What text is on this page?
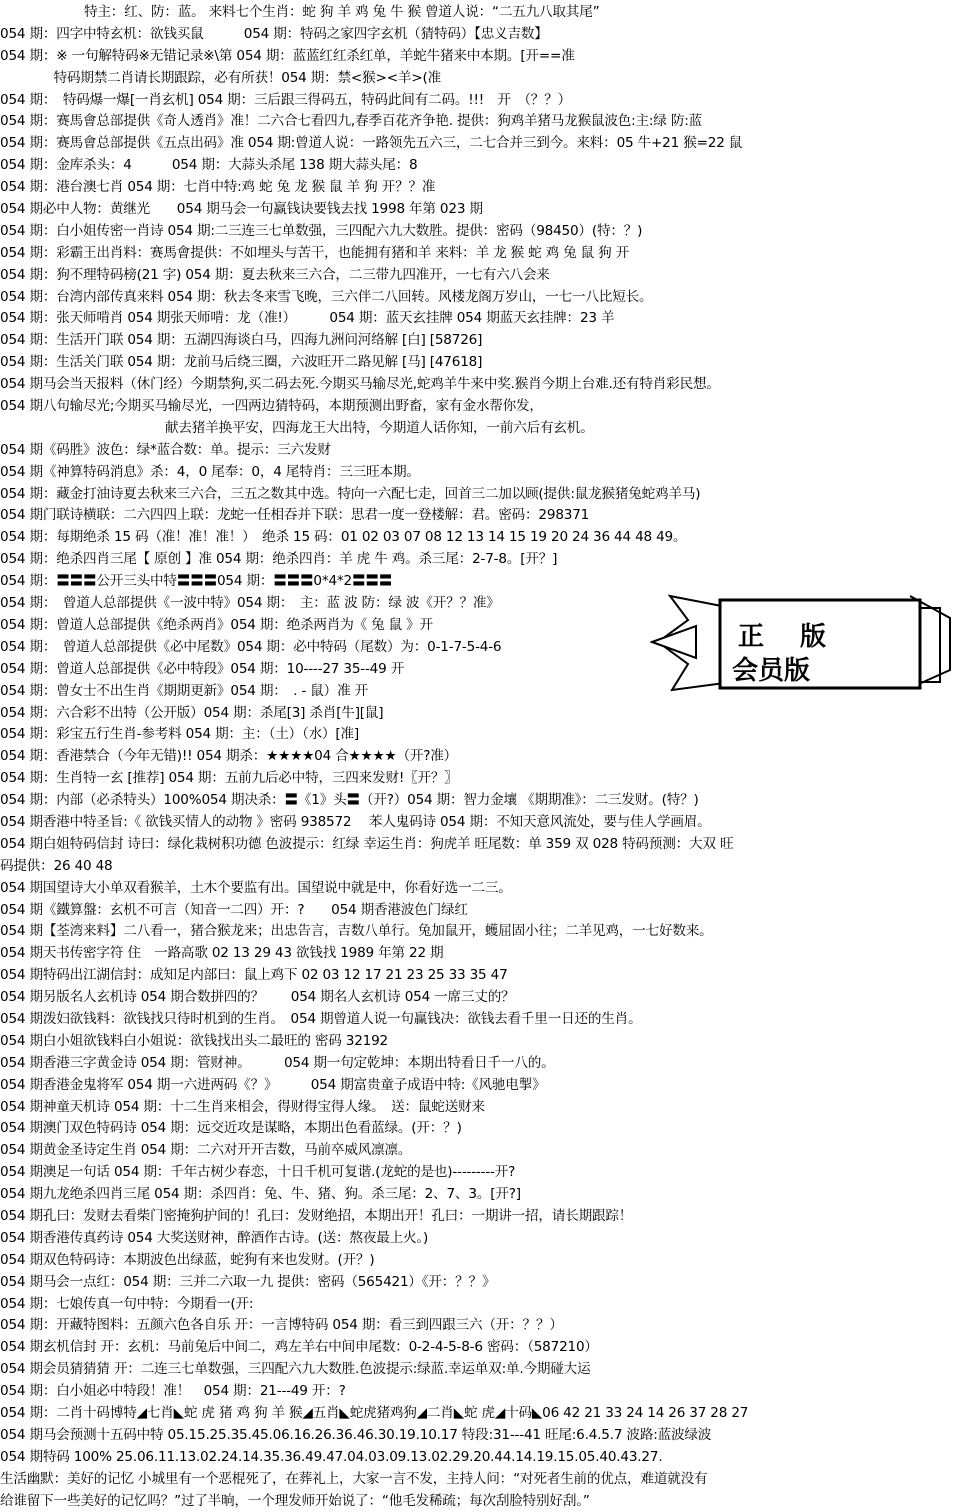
特主：红、防：蓝。 来料七个生肖：蛇 狗 羊 鸡 兔 牛 猴 曾道人说：“二五九八取其尾”
054 期：四字中特玄机：欲钱买鼠　　　054 期：特码之家四字玄机（猜特码）【忠义吉数】
054 期：※ 一句解特码※无错记录※\第 054 期：蓝蓝红红杀红单，羊蛇牛猪来中本期。[开==准
　　　　特码期禁二肖请长期跟踪，必有所获！054 期：禁<猴><羊>(准
054 期：　特码爆一爆[一肖玄机] 054 期：三后跟三得码五，特码此间有二码。!!!　开　（？？）
054 期：赛馬會总部提供《奇人透肖》准！二六合七看四九,春季百花齐争艳. 提供：狗鸡羊猪马龙猴鼠波色:主:绿 防:蓝
054 期：赛馬會总部提供《五点出码》准 054 期:曾道人说：一路领先五六三，二七合并三到今。来料：05 牛+21 猴=22 鼠
054 期：金库杀头：4　　　054 期：大蒜头杀尾 138 期大蒜头尾：8
054 期：港台澳七肖 054 期：七肖中特:鸡 蛇 兔 龙 猴 鼠 羊 狗 开？？准
054 期必中人物：黄继光　　054 期马会一句赢钱诀要钱去找 1998 年第 023 期
054 期：白小姐传密一肖诗 054 期:二三连三七单数强，三四配六九大数胜。提供：密码（98450）(特：？)
054 期：彩霸王出肖料：赛馬會提供：不如埋头与苦干，也能拥有猪和羊 来料：羊 龙 猴 蛇 鸡 兔 鼠 狗 开
054 期：狗不理特码榜(21 字) 054 期：夏去秋来三六合，二三带九四准开，一七有六八会来
054 期：台湾内部传真来料 054 期：秋去冬来雪飞晚，三六伴二八回转。风楼龙阁万岁山，一七一八比短长。
054 期：张天师啃肖 054 期张天师啃：龙（准!）　　　054 期：蓝天玄挂牌 054 期蓝天玄挂牌：23 羊
054 期：生活开门联 054 期：五湖四海谈白马，四海九洲问河络解 [白] [58726]
054 期：生活关门联 054 期：龙前马后绕三圈，六波旺开二路见解 [马] [47618]
054 期马会当天报料（休门经）今期禁狗,买二码去死.今期买马输尽光,蛇鸡羊牛来中奖.猴肖今期上台难.还有特肖彩民想。
054 期八句输尽光;今期买马输尽光，一四两边猜特码，本期预测出野畜，家有金水帮你发，
献去猪羊换平安，四海龙王大出特，今期道人话你知，一前六后有玄机。
054 期《码胜》波色：绿*蓝合数：单。提示：三六发财
054 期《神算特码消息》杀：4，0 尾奉：0，4 尾特肖：三三旺本期。
054 期：藏金打油诗夏去秋来三六合，三五之数其中选。特向一六配七走，回首三二加以顾(提供:鼠龙猴猪兔蛇鸡羊马)
054 期门联诗横联：二六四四上联：龙蛇一任相吞并下联：思君一度一登楼解：君。密码：298371
054 期：每期绝杀 15 码（准！准！准！）　绝杀 15 码：01 02 03 07 08 12 13 14 15 19 20 24 36 44 48 49。
054 期：绝杀四肖三尾【 原创 】准 054 期：绝杀四肖：羊 虎 牛 鸡。杀三尾：2-7-8。[开？]
054 期：〓〓〓公开三头中特〓〓〓054 期：〓〓〓0*4*2〓〓〓
054 期：　曾道人总部提供《一波中特》054 期：　主：蓝 波 防：绿 波《开？？准》
054 期：曾道人总部提供《绝杀两肖》054 期：绝杀两肖为《 兔 鼠 》开
054 期：　曾道人总部提供《必中尾数》054 期：必中特码（尾数）为：0-1-7-5-4-6
054 期：曾道人总部提供《必中特段》054 期：10----27 35--49 开
054 期：曾女士不出生肖《期期更新》054 期：　. - 鼠）准 开
054 期：六合彩不出特（公开版）054 期：杀尾[3] 杀肖[牛][鼠]
054 期：彩宝五行生肖-参考料 054 期：主：（土）（水）[准]
054 期：香港禁合（今年无错)!! 054 期杀：★★★★04 合★★★★（开?准）
054 期：生肖特一玄 [推荐] 054 期：五前九后必中特，三四来发财!〖开？〗
054 期：内部（必杀特头）100%054 期决杀：〓《1》头〓（开?）054 期：智力金壤 《期期准》：二三发财。(特？)
054 期香港中特圣旨:《 欲钱买情人的动物 》密码 938572　 苯人鬼码诗 054 期：不知天意风流处，要与佳人学画眉。
054 期白姐特码信封 诗曰：绿化栽树积功德 色波提示：红绿 幸运生肖：狗虎羊 旺尾数：单 359 双 028 特码预测：大双 旺
码提供：26 40 48
054 期国望诗大小单双看猴羊，土木个要监有出。国望说中就是中，你看好选一二三。
054 期《鐵算盤：玄机不可言（知音一二四）开：?　　054 期香港波色门绿红
054 期【荃湾来料】二八看一，猪合猴龙来；出忠告言，吉数八单行。兔加鼠开，蠖屈固小往；二羊见鸡，一七好数来。
054 期天书传密字符 住　一路高歌 02 13 29 43 欲钱找 1989 年第 22 期
054 期特码出江湖信封：成知足内部曰：鼠上鸡下 02 03 12 17 21 23 25 33 35 47
054 期另版名人玄机诗 054 期合数拼四的？　　054 期名人玄机诗 054 一席三丈的？
054 期泼妇欲钱料：欲钱找只待时机到的生肖。　054 期曾道人说一句赢钱决：欲钱去看千里一日还的生肖。
054 期白小姐欲钱料白小姐说：欲钱找出头二最旺的 密码 32192
054 期香港三字黄金诗 054 期：管财神。　　　054 期一句定乾坤：本期出特看日千一八的。
054 期香港金鬼将军 054 期一六进两码《？》　　　054 期富贵童子成语中特:《风驰电掣》
054 期神童天机诗 054 期：十二生肖来相会，得财得宝得人缘。　送：鼠蛇送财来
054 期澳门双色特码诗 054 期：远交近攻是谋略，本期出色看蓝绿。(开：？)
054 期黄金圣诗定生肖 054 期：二六对开开吉数，马前卒威风凛凛。
054 期澳足一句话 054 期：千年古树少春恋，十日千机可复谐.(龙蛇的是也)---------开?
054 期九龙绝杀四肖三尾 054 期：杀四肖：兔、牛、猪、狗。杀三尾：2、7、3。[开?]
054 期孔曰：发财去看柴门密掩狗护间的！孔曰：发财绝招，本期出开！孔曰：一期讲一招，请长期跟踪！
054 期香港传真药诗 054 大奖送财神，醉酒作古诗。(送：熬夜最上火。)
054 期双色特码诗：本期波色出绿蓝，蛇狗有来也发财。(开？)
054 期马会一点红：054 期：三并二六取一九 提供：密码（565421）《开：？？》
054 期：七娘传真一句中特：今期看一(开:
054 期：开藏特图料：五颜六色各自乐 开：一言博特码 054 期：看三到四跟三六（开：？？）
054 期玄机信封 开：玄机：马前兔后中间二，鸡左羊右中间申尾数：0-2-4-5-8-6 密码：（587210）
054 期会员猜猜猜 开：二连三七单数强，三四配六九大数胜.色波提示:绿蓝.幸运单双:单.今期碰大运
054 期：白小姐必中特段！准！　054 期：21---49 开：?
054 期：二肖十码博特◢七肖◣蛇 虎 猪 鸡 狗 羊 猴◢五肖◣蛇虎猪鸡狗◢二肖◣蛇 虎◢十码◣06 42 21 33 24 14 26 37 28 27
054 期马会预测十五码中特 05.15.25.35.45.06.16.26.36.46.30.19.10.17 特段:31---41 旺尾:6.4.5.7 波路:蓝波绿波
054 期特码 100% 25.06.11.13.02.24.14.35.36.49.47.04.03.09.13.02.29.20.44.14.19.15.05.40.43.27.
生活幽默：美好的记忆 小城里有一个恶棍死了，在葬礼上，大家一言不发，主持人问：“对死者生前的优点，难道就没有
给谁留下一些美好的记忆吗？”过了半晌，一个理发师开始说了：“他毛发稀疏；每次刮脸特别好刮。”
正 版
会员版
